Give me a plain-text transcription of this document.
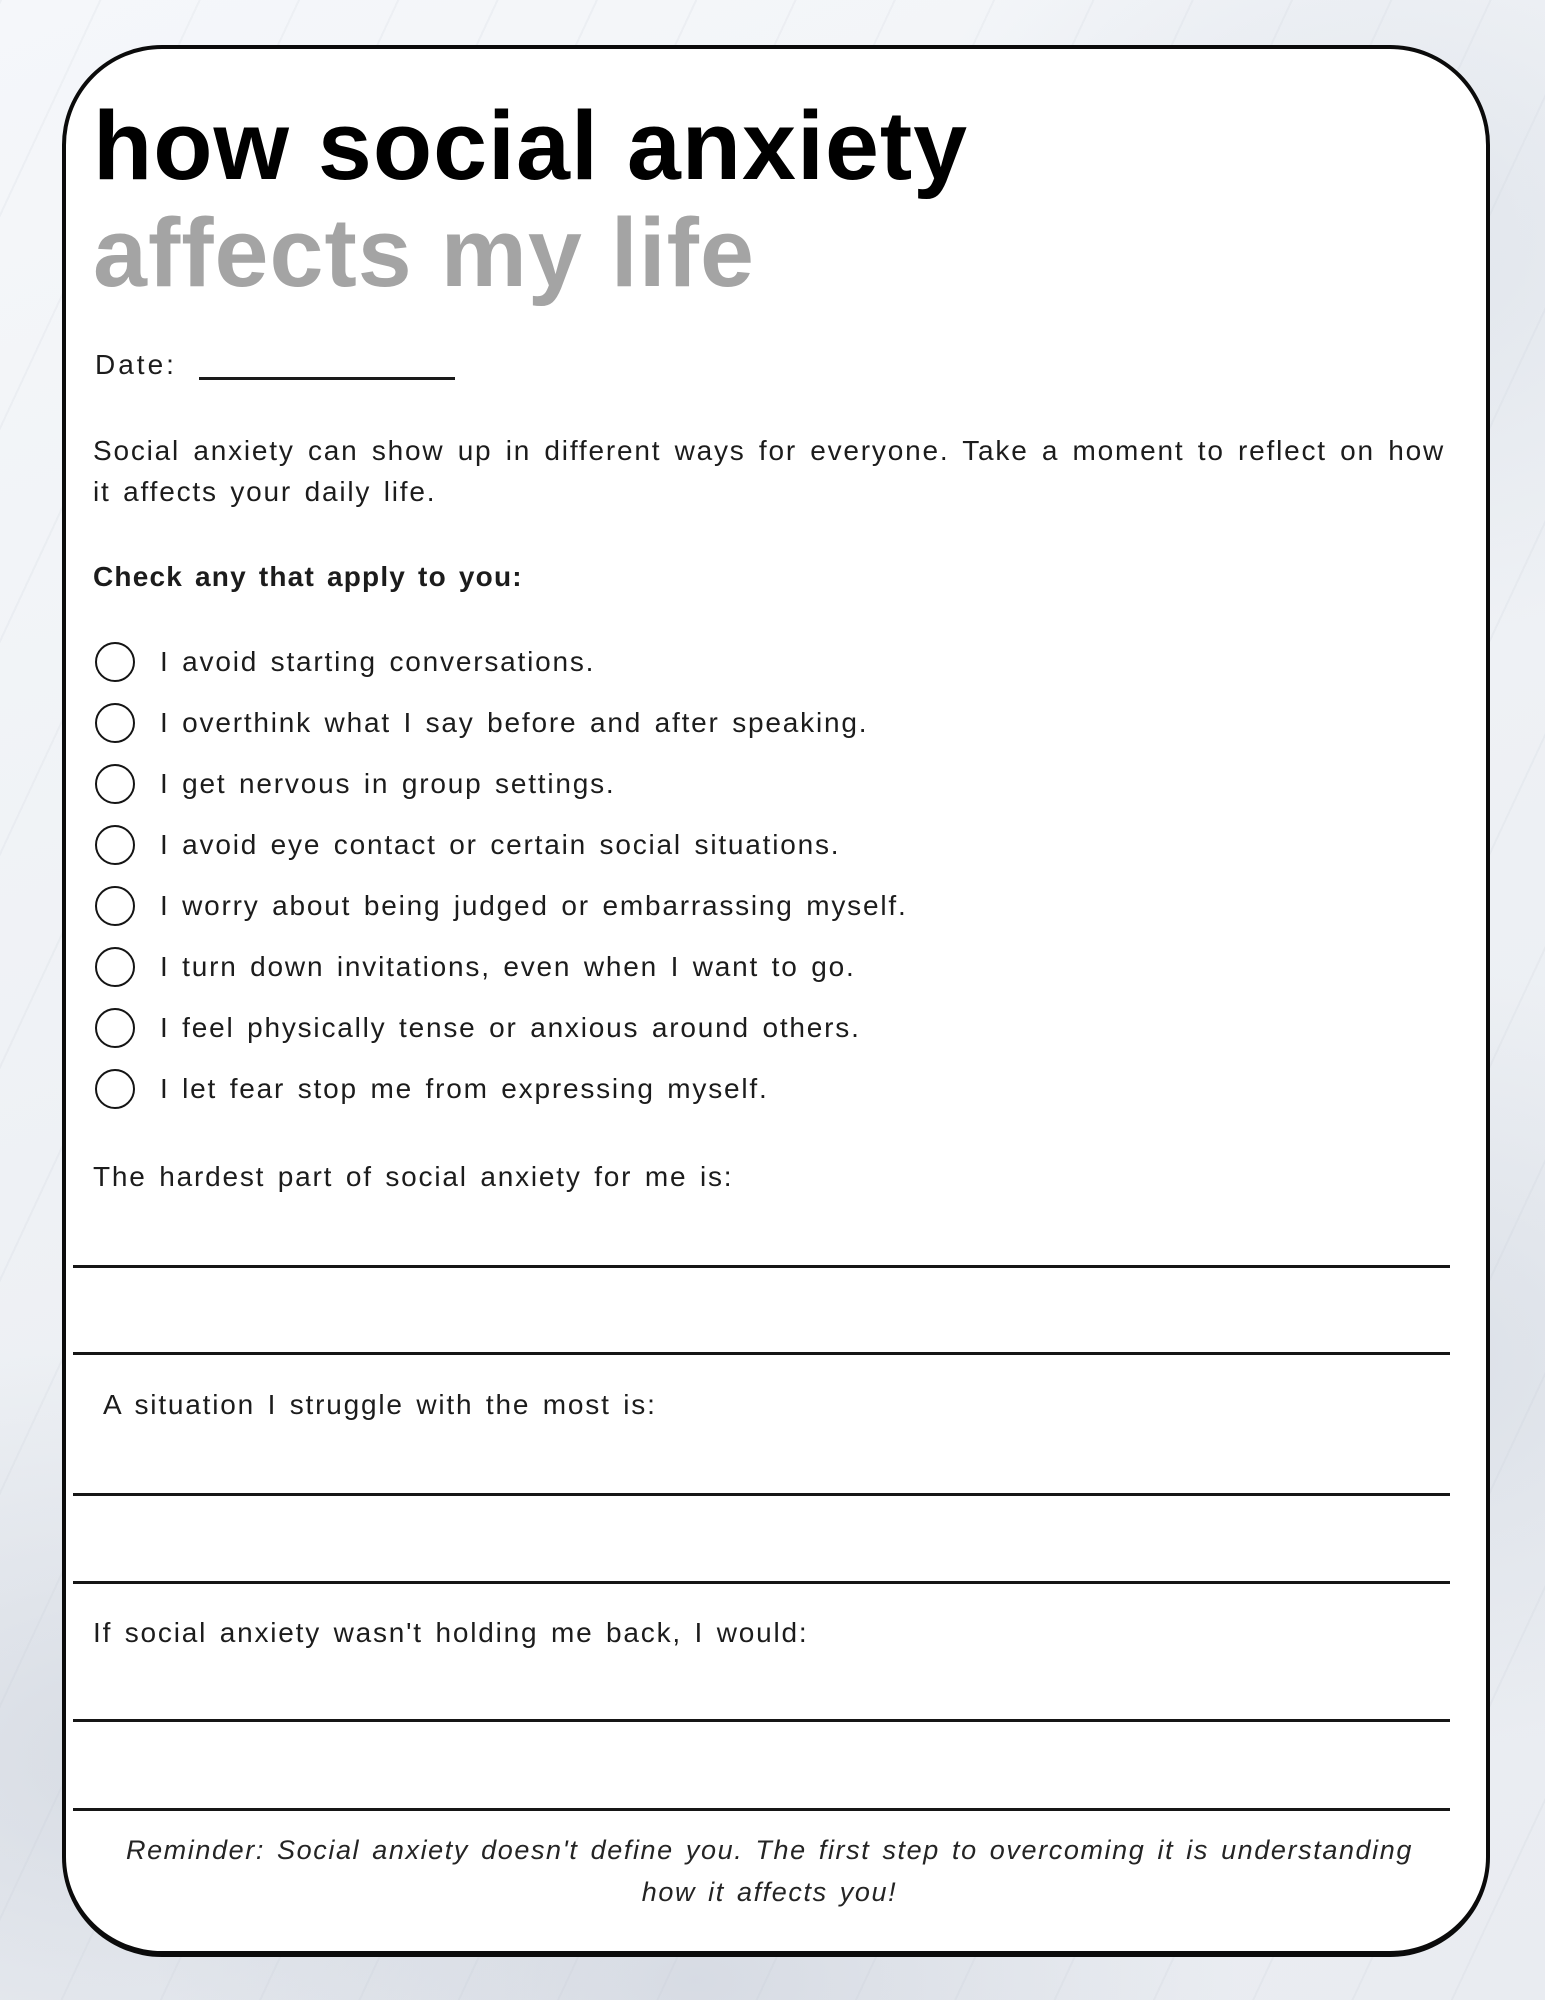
how social anxiety
affects my life
Date:
Social anxiety can show up in different ways for everyone. Take a moment to reflect on how it affects your daily life.
Check any that apply to you:
I avoid starting conversations.
I overthink what I say before and after speaking.
I get nervous in group settings.
I avoid eye contact or certain social situations.
I worry about being judged or embarrassing myself.
I turn down invitations, even when I want to go.
I feel physically tense or anxious around others.
I let fear stop me from expressing myself.
The hardest part of social anxiety for me is:
A situation I struggle with the most is:
If social anxiety wasn't holding me back, I would:
Reminder: Social anxiety doesn't define you. The first step to overcoming it is understanding
how it affects you!
